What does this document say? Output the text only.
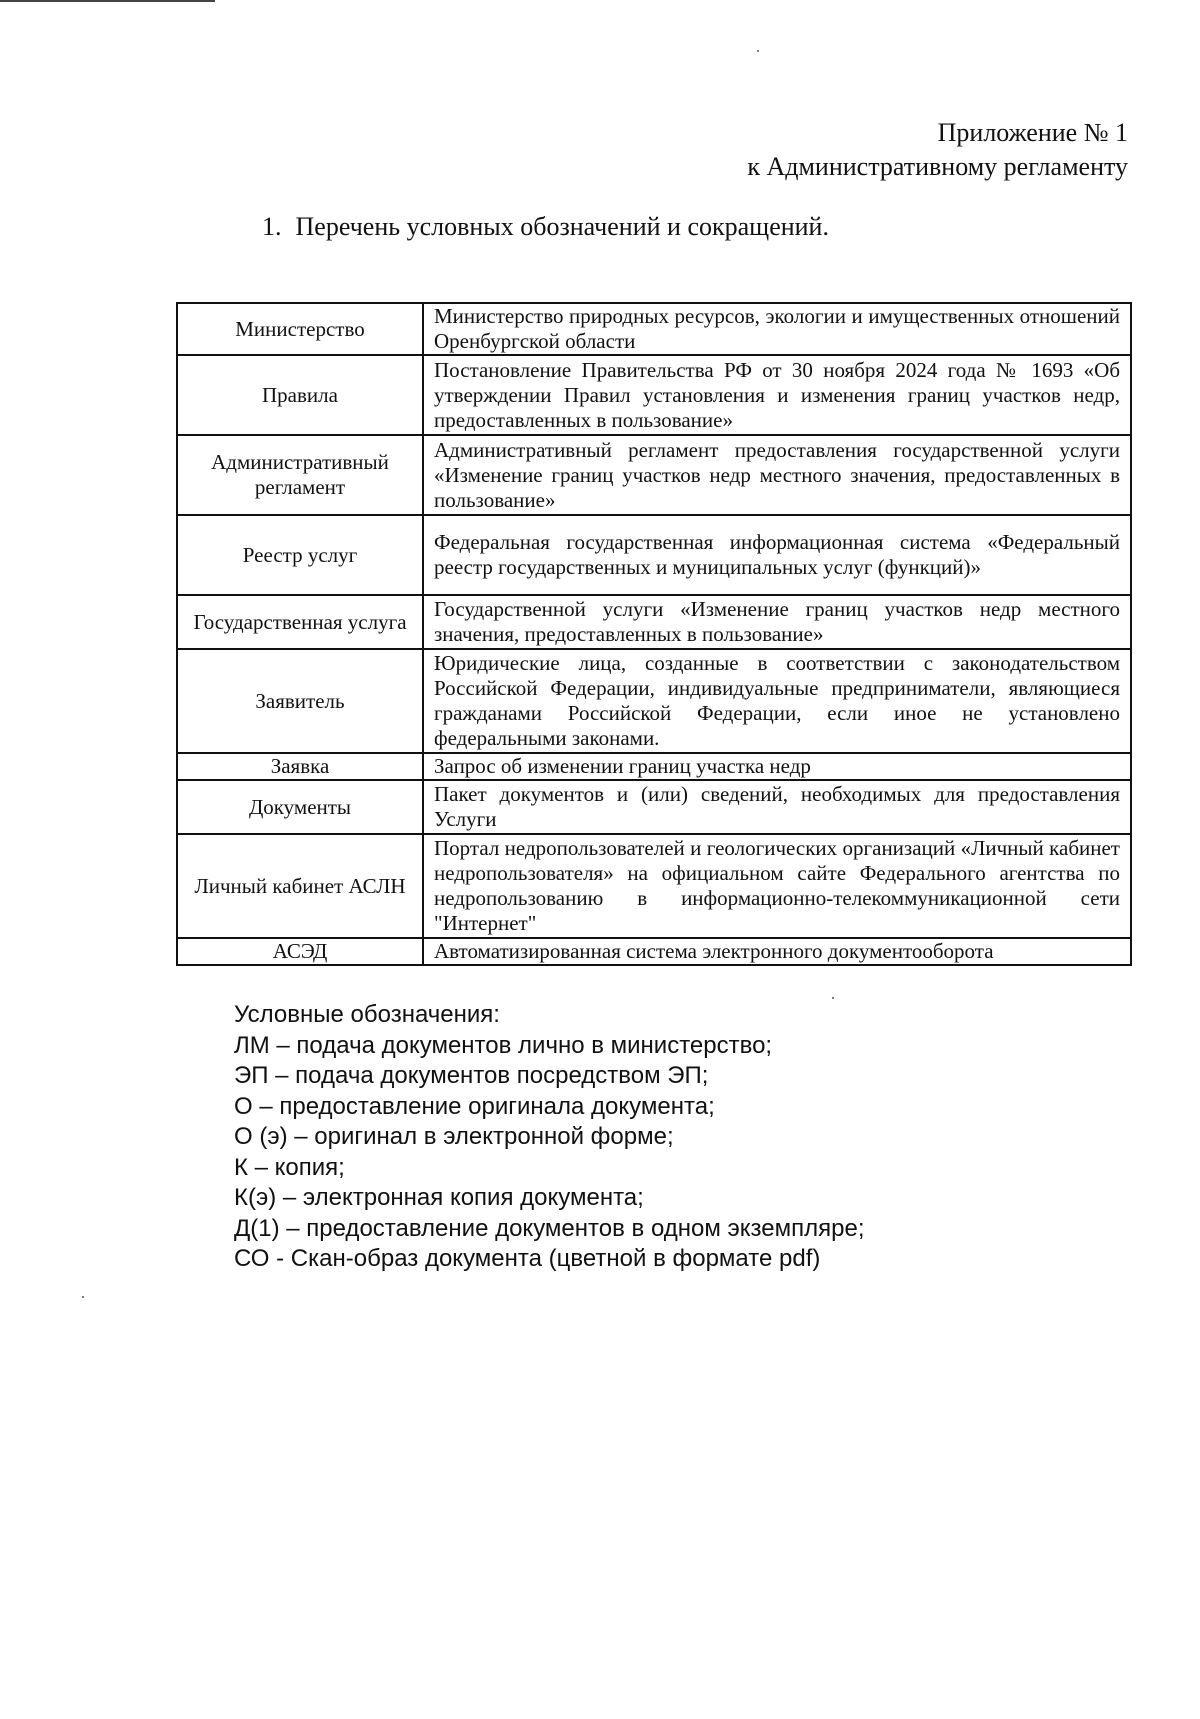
Приложение № 1
к Административному регламенту
1. Перечень условных обозначений и сокращений.
Министерство	Министерство природных ресурсов, экологии и имущественных отношений Оренбургской области
Правила	Постановление Правительства РФ от 30 ноября 2024 года № 1693 «Об утверждении Правил установления и изменения границ участков недр, предоставленных в пользование»
Административный регламент	Административный регламент предоставления государственной услуги «Изменение границ участков недр местного значения, предоставленных в пользование»
Реестр услуг	Федеральная государственная информационная система «Федеральный реестр государственных и муниципальных услуг (функций)»
Государственная услуга	Государственной услуги «Изменение границ участков недр местного значения, предоставленных в пользование»
Заявитель	Юридические лица, созданные в соответствии с законодательством Российской Федерации, индивидуальные предприниматели, являющиеся гражданами Российской Федерации, если иное не установлено федеральными законами.
Заявка	Запрос об изменении границ участка недр
Документы	Пакет документов и (или) сведений, необходимых для предоставления Услуги
Личный кабинет АСЛН	Портал недропользователей и геологических организаций «Личный кабинет недропользователя» на официальном сайте Федерального агентства по недропользованию в информационно-телекоммуникационной сети "Интернет"
АСЭД	Автоматизированная система электронного документооборота
Условные обозначения:
ЛМ – подача документов лично в министерство;
ЭП – подача документов посредством ЭП;
О – предоставление оригинала документа;
О (э) – оригинал в электронной форме;
К – копия;
К(э) – электронная копия документа;
Д(1) – предоставление документов в одном экземпляре;
СО - Скан-образ документа (цветной в формате pdf)
